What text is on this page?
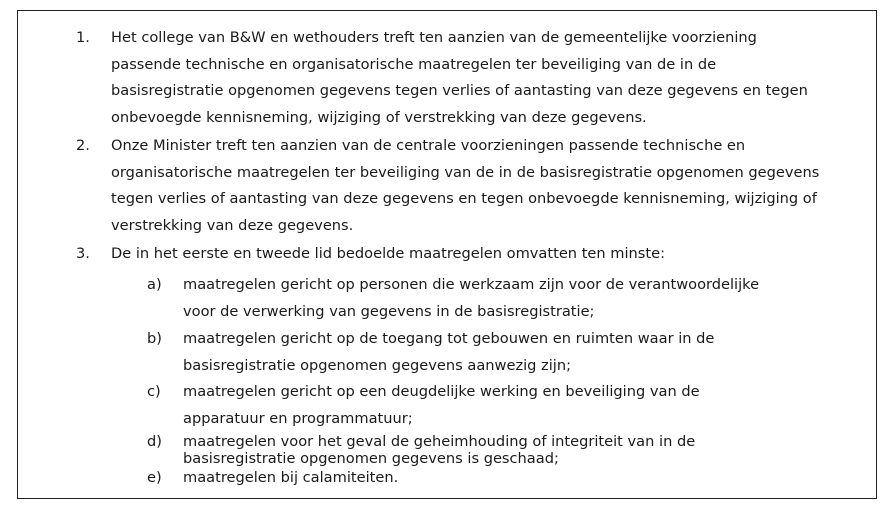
1. Het college van B&W en wethouders treft ten aanzien van de gemeentelijke voorziening
passende technische en organisatorische maatregelen ter beveiliging van de in de
basisregistratie opgenomen gegevens tegen verlies of aantasting van deze gegevens en tegen
onbevoegde kennisneming, wijziging of verstrekking van deze gegevens.
2. Onze Minister treft ten aanzien van de centrale voorzieningen passende technische en
organisatorische maatregelen ter beveiliging van de in de basisregistratie opgenomen gegevens
tegen verlies of aantasting van deze gegevens en tegen onbevoegde kennisneming, wijziging of
verstrekking van deze gegevens.
3. De in het eerste en tweede lid bedoelde maatregelen omvatten ten minste:
a) maatregelen gericht op personen die werkzaam zijn voor de verantwoordelijke
voor de verwerking van gegevens in de basisregistratie;
b) maatregelen gericht op de toegang tot gebouwen en ruimten waar in de
basisregistratie opgenomen gegevens aanwezig zijn;
c) maatregelen gericht op een deugdelijke werking en beveiliging van de
apparatuur en programmatuur;
d) maatregelen voor het geval de geheimhouding of integriteit van in de
basisregistratie opgenomen gegevens is geschaad;
e) maatregelen bij calamiteiten.
